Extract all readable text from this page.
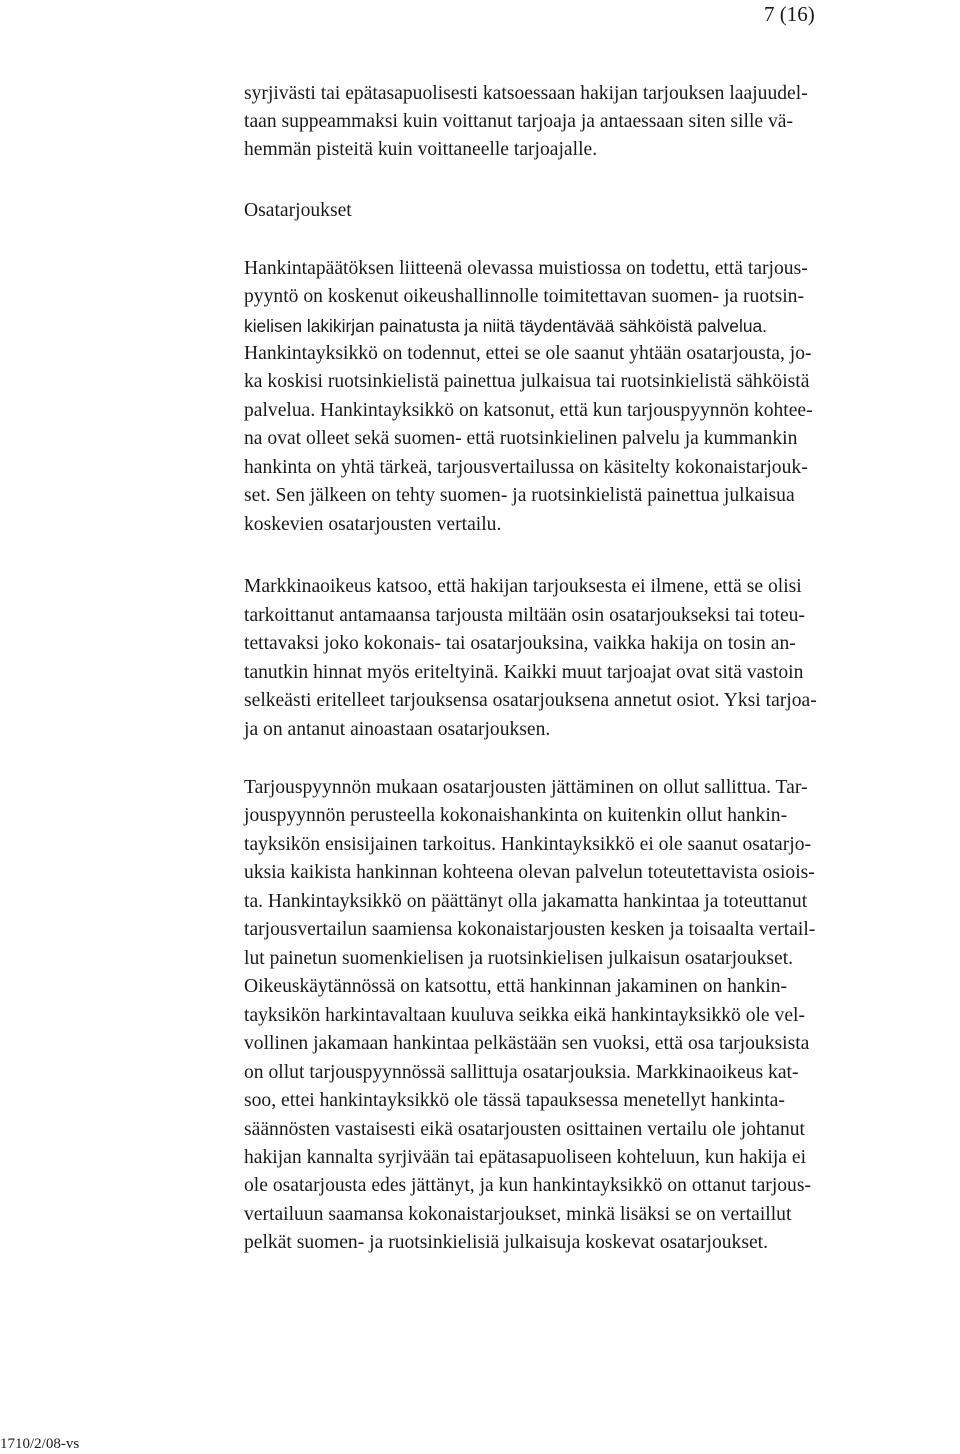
7 (16)
syrjivästi tai epätasapuolisesti katsoessaan hakijan tarjouksen laajuudel-
taan suppeammaksi kuin voittanut tarjoaja ja antaessaan siten sille vä-
hemmän pisteitä kuin voittaneelle tarjoajalle.
Osatarjoukset
Hankintapäätöksen liitteenä olevassa muistiossa on todettu, että tarjous-
pyyntö on koskenut oikeushallinnolle toimitettavan suomen- ja ruotsin-
kielisen lakikirjan painatusta ja niitä täydentävää sähköistä palvelua.
Hankintayksikkö on todennut, ettei se ole saanut yhtään osatarjousta, jo-
ka koskisi ruotsinkielistä painettua julkaisua tai ruotsinkielistä sähköistä
palvelua. Hankintayksikkö on katsonut, että kun tarjouspyynnön kohtee-
na ovat olleet sekä suomen- että ruotsinkielinen palvelu ja kummankin
hankinta on yhtä tärkeä, tarjousvertailussa on käsitelty kokonaistarjouk-
set. Sen jälkeen on tehty suomen- ja ruotsinkielistä painettua julkaisua
koskevien osatarjousten vertailu.
Markkinaoikeus katsoo, että hakijan tarjouksesta ei ilmene, että se olisi
tarkoittanut antamaansa tarjousta miltään osin osatarjoukseksi tai toteu-
tettavaksi joko kokonais- tai osatarjouksina, vaikka hakija on tosin an-
tanutkin hinnat myös eriteltyinä. Kaikki muut tarjoajat ovat sitä vastoin
selkeästi eritelleet tarjouksensa osatarjouksena annetut osiot. Yksi tarjoa-
ja on antanut ainoastaan osatarjouksen.
Tarjouspyynnön mukaan osatarjousten jättäminen on ollut sallittua. Tar-
jouspyynnön perusteella kokonaishankinta on kuitenkin ollut hankin-
tayksikön ensisijainen tarkoitus. Hankintayksikkö ei ole saanut osatarjo-
uksia kaikista hankinnan kohteena olevan palvelun toteutettavista osiois-
ta. Hankintayksikkö on päättänyt olla jakamatta hankintaa ja toteuttanut
tarjousvertailun saamiensa kokonaistarjousten kesken ja toisaalta vertail-
lut painetun suomenkielisen ja ruotsinkielisen julkaisun osatarjoukset.
Oikeuskäytännössä on katsottu, että hankinnan jakaminen on hankin-
tayksikön harkintavaltaan kuuluva seikka eikä hankintayksikkö ole vel-
vollinen jakamaan hankintaa pelkästään sen vuoksi, että osa tarjouksista
on ollut tarjouspyynnössä sallittuja osatarjouksia. Markkinaoikeus kat-
soo, ettei hankintayksikkö ole tässä tapauksessa menetellyt hankinta-
säännösten vastaisesti eikä osatarjousten osittainen vertailu ole johtanut
hakijan kannalta syrjivään tai epätasapuoliseen kohteluun, kun hakija ei
ole osatarjousta edes jättänyt, ja kun hankintayksikkö on ottanut tarjous-
vertailuun saamansa kokonaistarjoukset, minkä lisäksi se on vertaillut
pelkät suomen- ja ruotsinkielisiä julkaisuja koskevat osatarjoukset.
1710/2/08-vs
